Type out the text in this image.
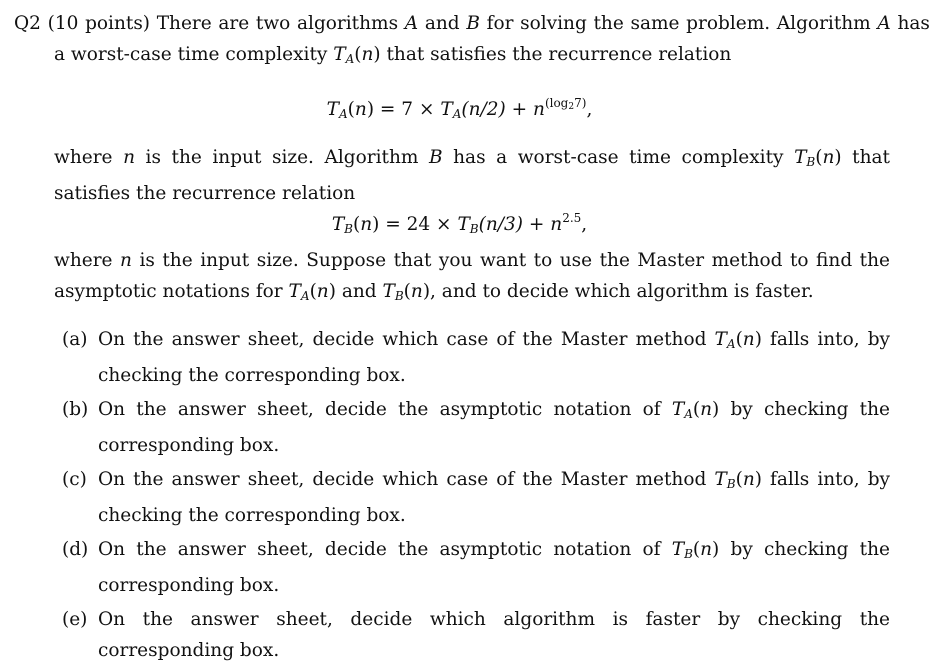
Q2 (10 points) There are two algorithms A and B for solving the same problem. Algorithm A has a worst-case time complexity $T_A(n)$ that satisfies the recurrence relation
$T_A(n) = 7 \times T_A(n/2) + n^{(log_27)}$,
where n is the input size. Algorithm B has a worst-case time complexity $T_B(n)$ that satisfies the recurrence relation
$T_B(n) = 24 \times T_B(n/3) + n^{2.5}$,
where n is the input size. Suppose that you want to use the Master method to find the asymptotic notations for $T_A(n)$ and $T_B(n)$, and to decide which algorithm is faster.
(a) On the answer sheet, decide which case of the Master method $T_A(n)$ falls into, by checking the corresponding box.
(b) On the answer sheet, decide the asymptotic notation of $T_A(n)$ by checking the corresponding box.
(c) On the answer sheet, decide which case of the Master method $T_B(n)$ falls into, by checking the corresponding box.
(d) On the answer sheet, decide the asymptotic notation of $T_B(n)$ by checking the corresponding box.
(e) On the answer sheet, decide which algorithm is faster by checking the corresponding box.
